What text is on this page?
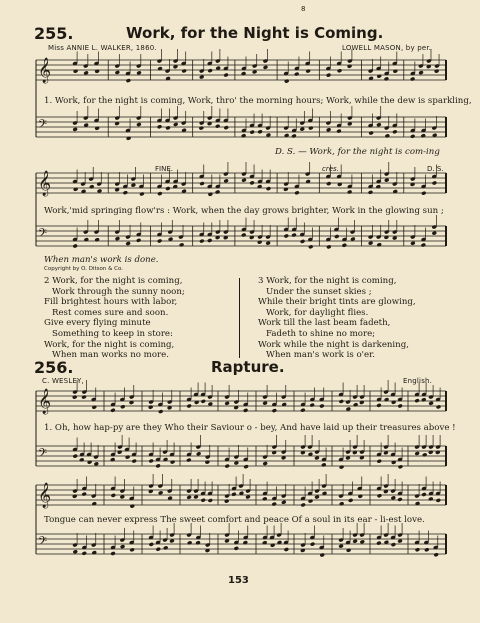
𝄞
𝄢
𝄞
𝄢
𝄞
𝄢
𝄞
𝄢
8
255.	Work, for the Night is Coming.
Miss ANNIE L. WALKER, 1860.	LOWELL MASON, by per.
1. Work, for the night is coming, Work, thro' the morning hours; Work, while the dew is sparkling,
D. S. — Work, for the night is com-ing
FINE.	cres.	D. S.
Work,'mid springing flow'rs : Work, when the day grows brighter, Work in the glowing sun ;
When man's work is done.
Copyright by O. Ditson & Co.
2 Work, for the night is coming,
Work through the sunny noon;
Fill brightest hours with labor,
Rest comes sure and soon.
Give every flying minute
Something to keep in store:
Work, for the night is coming,
When man works no more.
3 Work, for the night is coming,
Under the sunset skies ;
While their bright tints are glowing,
Work, for daylight flies.
Work till the last beam fadeth,
Fadeth to shine no more;
Work while the night is darkening,
When man's work is o'er.
256.	Rapture.
C. WESLEY,	English.
1. Oh, how hap-py are they Who their Saviour o - bey, And have laid up their treasures above !
Tongue can never express The sweet comfort and peace Of a soul in its ear - li-est love.
153
